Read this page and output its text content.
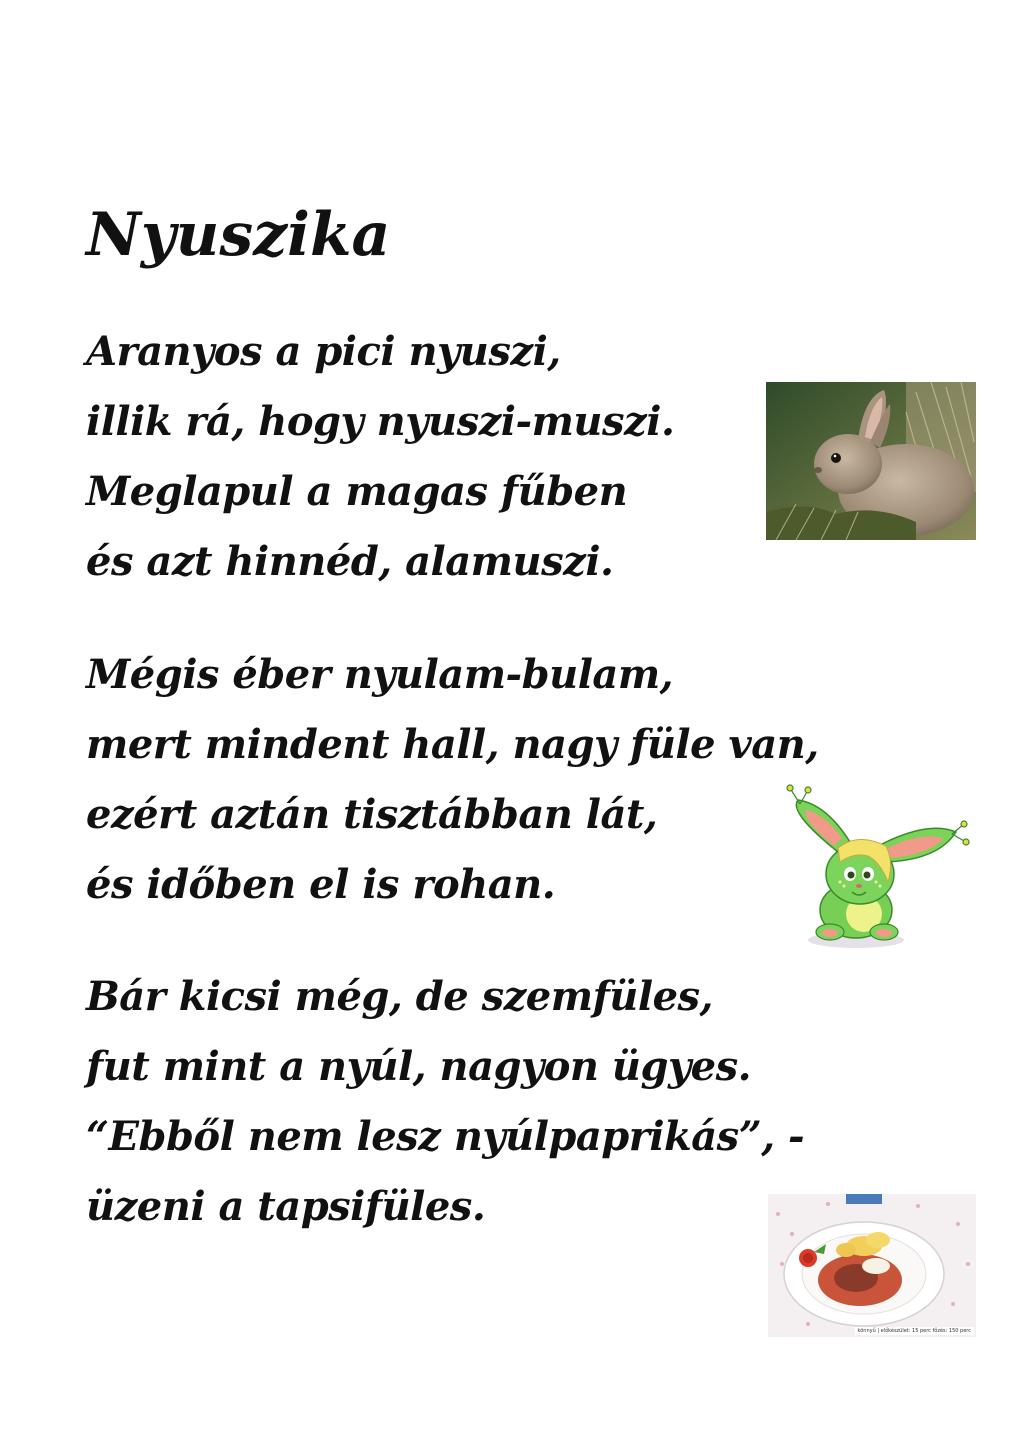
Nyuszika
Aranyos a pici nyuszi,
illik rá, hogy nyuszi-muszi.
Meglapul a magas fűben
és azt hinnéd, alamuszi.
Mégis éber nyulam-bulam,
mert mindent hall, nagy füle van,
ezért aztán tisztábban lát,
és időben el is rohan.
Bár kicsi még, de szemfüles,
fut mint a nyúl, nagyon ügyes.
“Ebből nem lesz nyúlpaprikás”, -
üzeni a tapsifüles.
könnyű | előkészület: 15 perc főzés: 150 perc
